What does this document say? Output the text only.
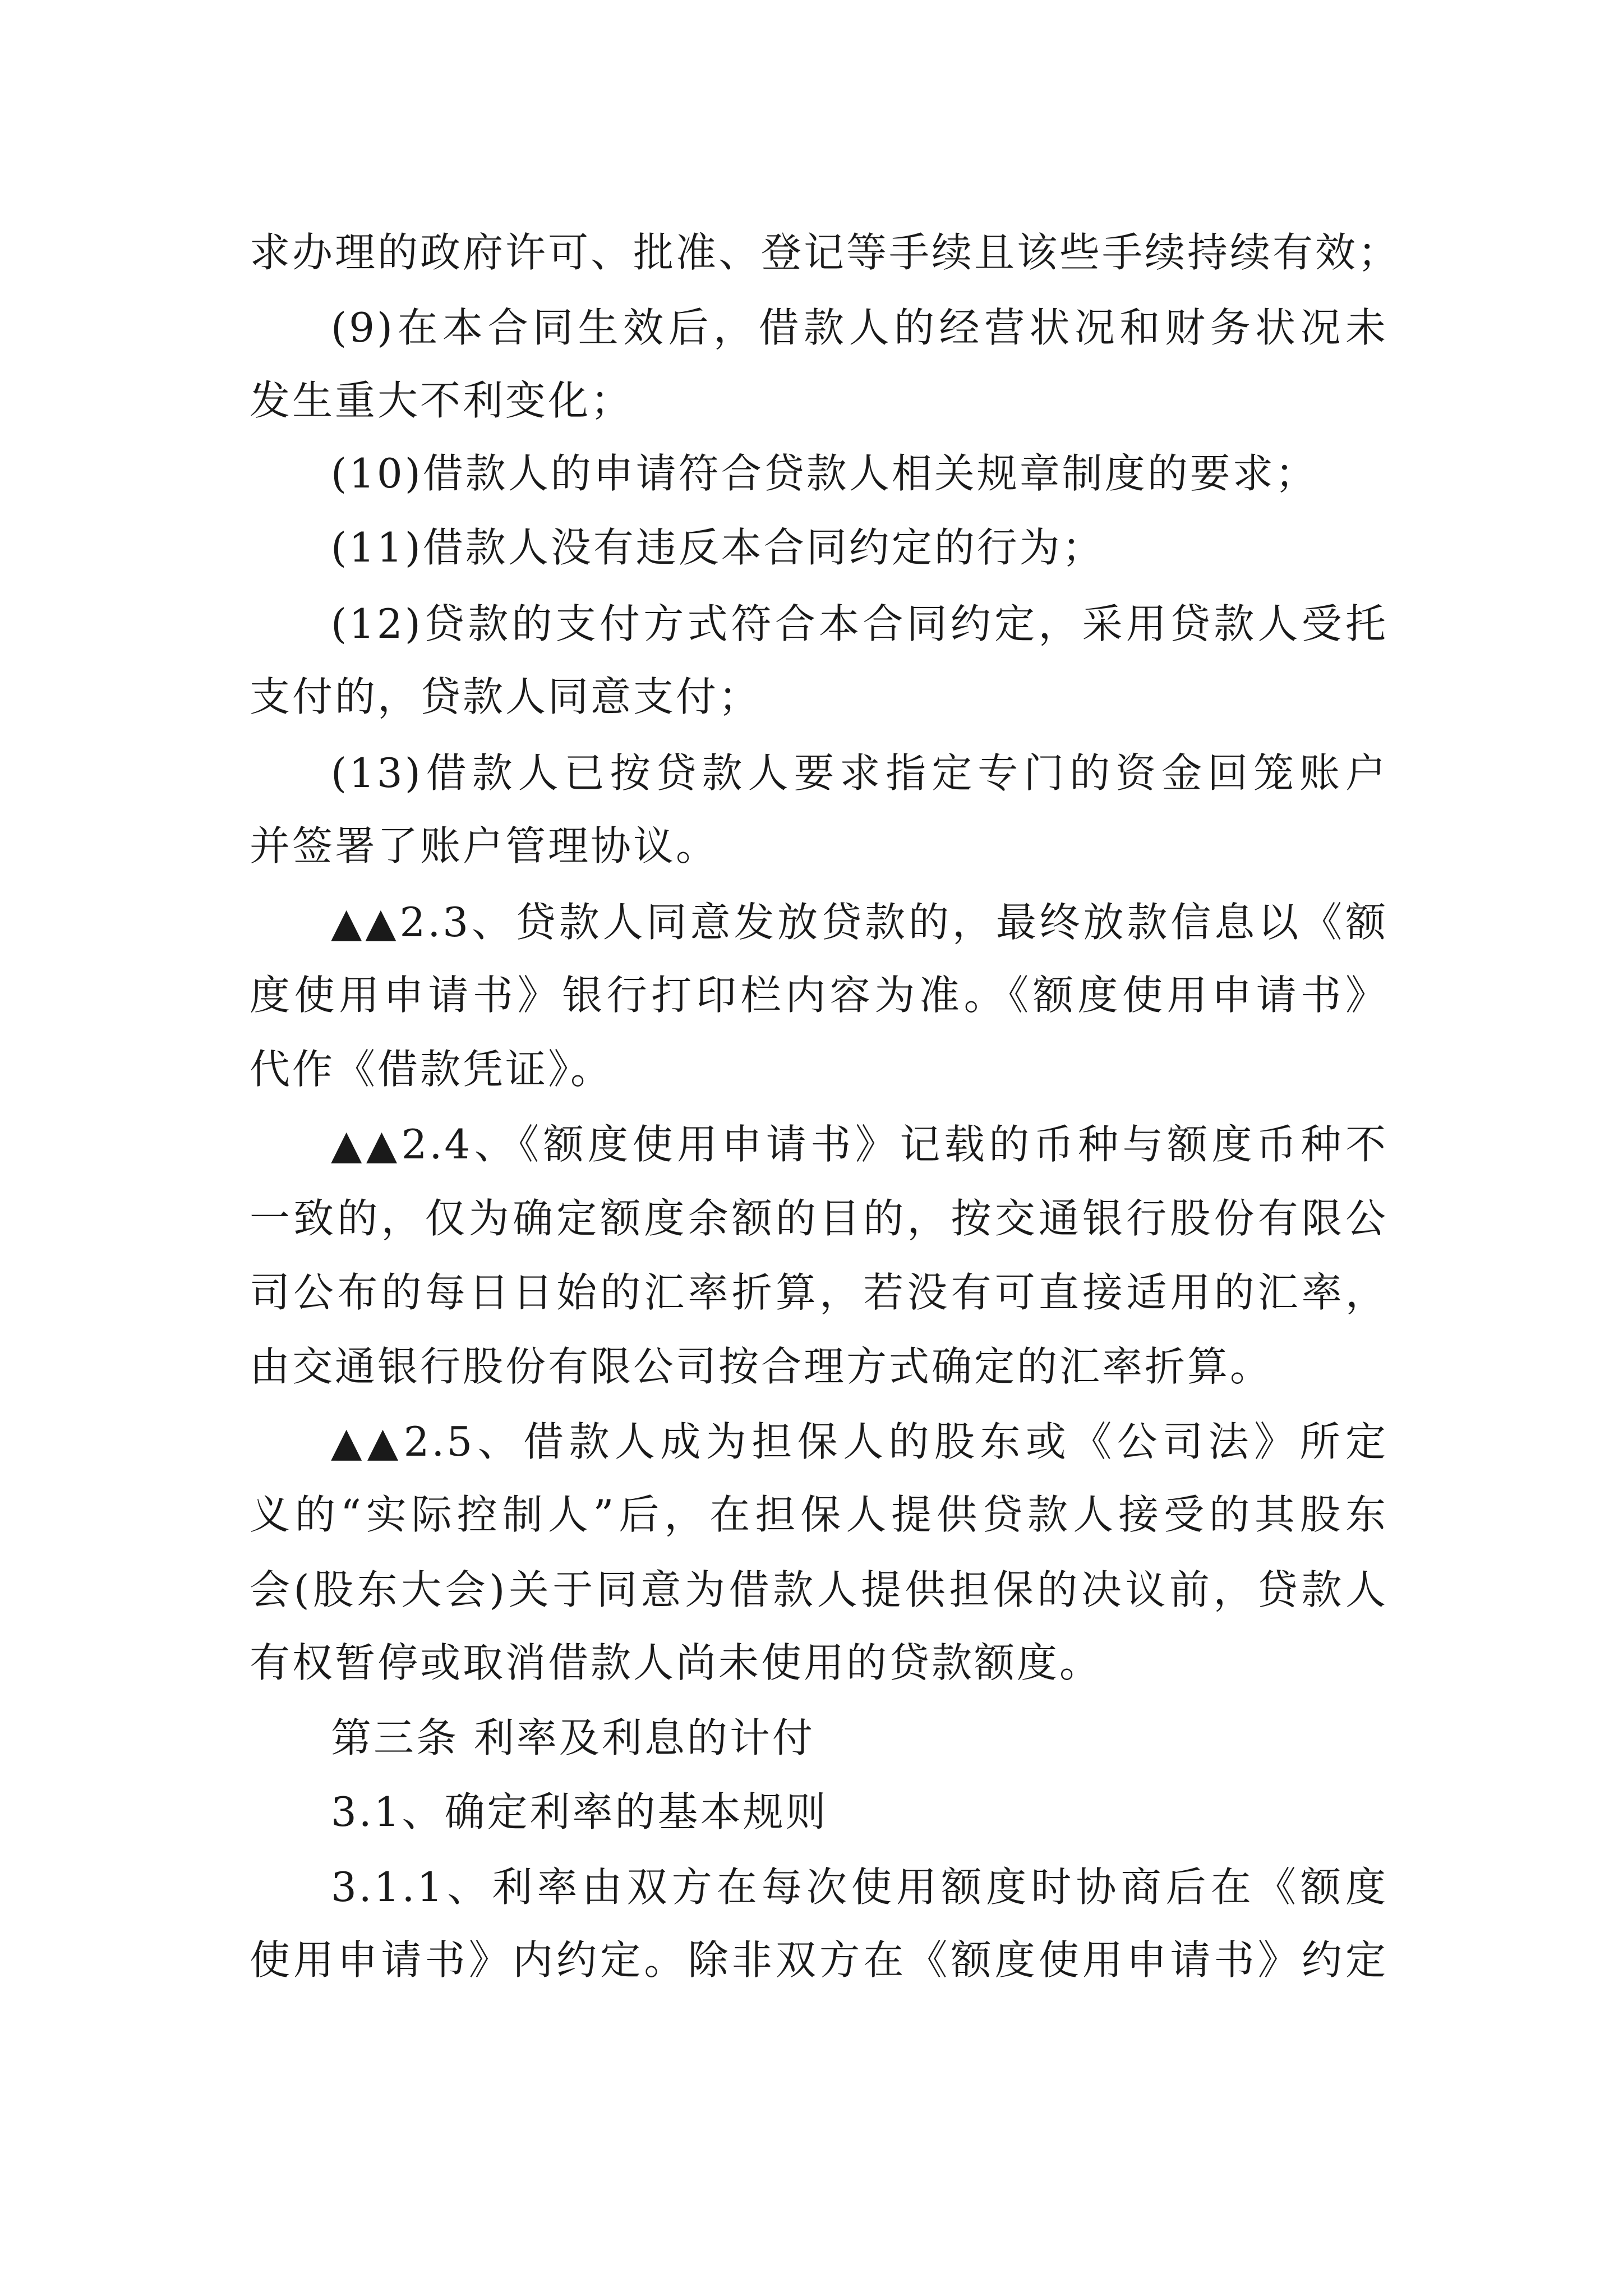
求办理的政府许可、批准、登记等手续且该些手续持续有效；
(9)在本合同生效后，借款人的经营状况和财务状况未
发生重大不利变化；
(10)借款人的申请符合贷款人相关规章制度的要求；
(11)借款人没有违反本合同约定的行为；
(12)贷款的支付方式符合本合同约定，采用贷款人受托
支付的，贷款人同意支付；
(13)借款人已按贷款人要求指定专门的资金回笼账户
并签署了账户管理协议。
▲▲2.3、贷款人同意发放贷款的，最终放款信息以《额
度使用申请书》银行打印栏内容为准。《额度使用申请书》
代作《借款凭证》。
▲▲2.4、《额度使用申请书》记载的币种与额度币种不
一致的，仅为确定额度余额的目的，按交通银行股份有限公
司公布的每日日始的汇率折算，若没有可直接适用的汇率，
由交通银行股份有限公司按合理方式确定的汇率折算。
▲▲2.5、借款人成为担保人的股东或《公司法》所定
义的“实际控制人”后，在担保人提供贷款人接受的其股东
会(股东大会)关于同意为借款人提供担保的决议前，贷款人
有权暂停或取消借款人尚未使用的贷款额度。
第三条 利率及利息的计付
3.1、确定利率的基本规则
3.1.1、利率由双方在每次使用额度时协商后在《额度
使用申请书》内约定。除非双方在《额度使用申请书》约定
